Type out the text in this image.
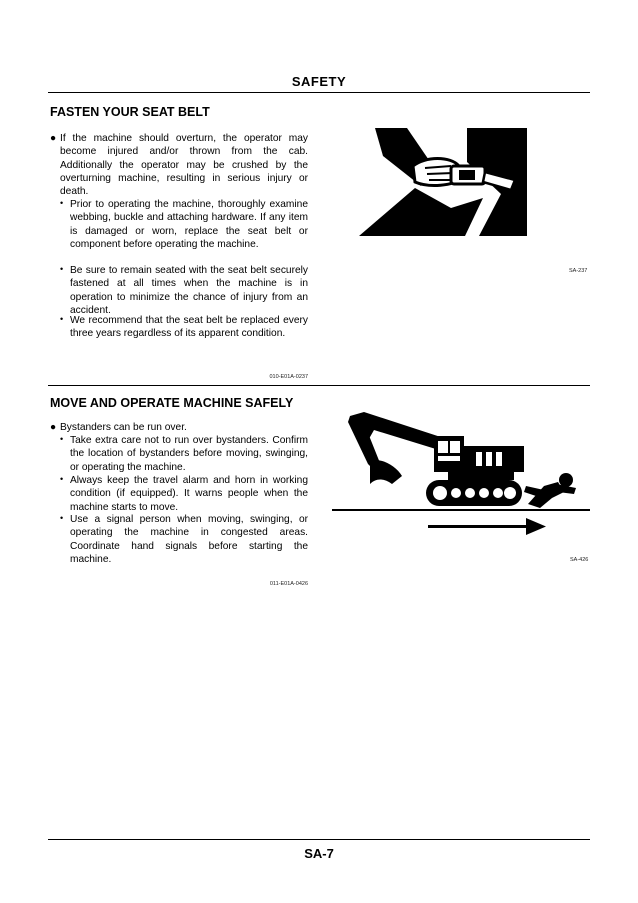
SAFETY
FASTEN YOUR SEAT BELT
● If the machine should overturn, the operator may become injured and/or thrown from the cab. Additionally the operator may be crushed by the overturning machine, resulting in serious injury or death.
• Prior to operating the machine, thoroughly examine webbing, buckle and attaching hardware. If any item is damaged or worn, replace the seat belt or component before operating the machine.
• Be sure to remain seated with the seat belt securely fastened at all times when the machine is in operation to minimize the chance of injury from an accident.
• We recommend that the seat belt be replaced every three years regardless of its apparent condition.
010-E01A-0237
SA-237
MOVE AND OPERATE MACHINE SAFELY
● Bystanders can be run over.
• Take extra care not to run over bystanders. Confirm the location of bystanders before moving, swinging, or operating the machine.
• Always keep the travel alarm and horn in working condition (if equipped). It warns people when the machine starts to move.
• Use a signal person when moving, swinging, or operating the machine in congested areas. Coordinate hand signals before starting the machine.
011-E01A-0426
SA-426
SA-7
